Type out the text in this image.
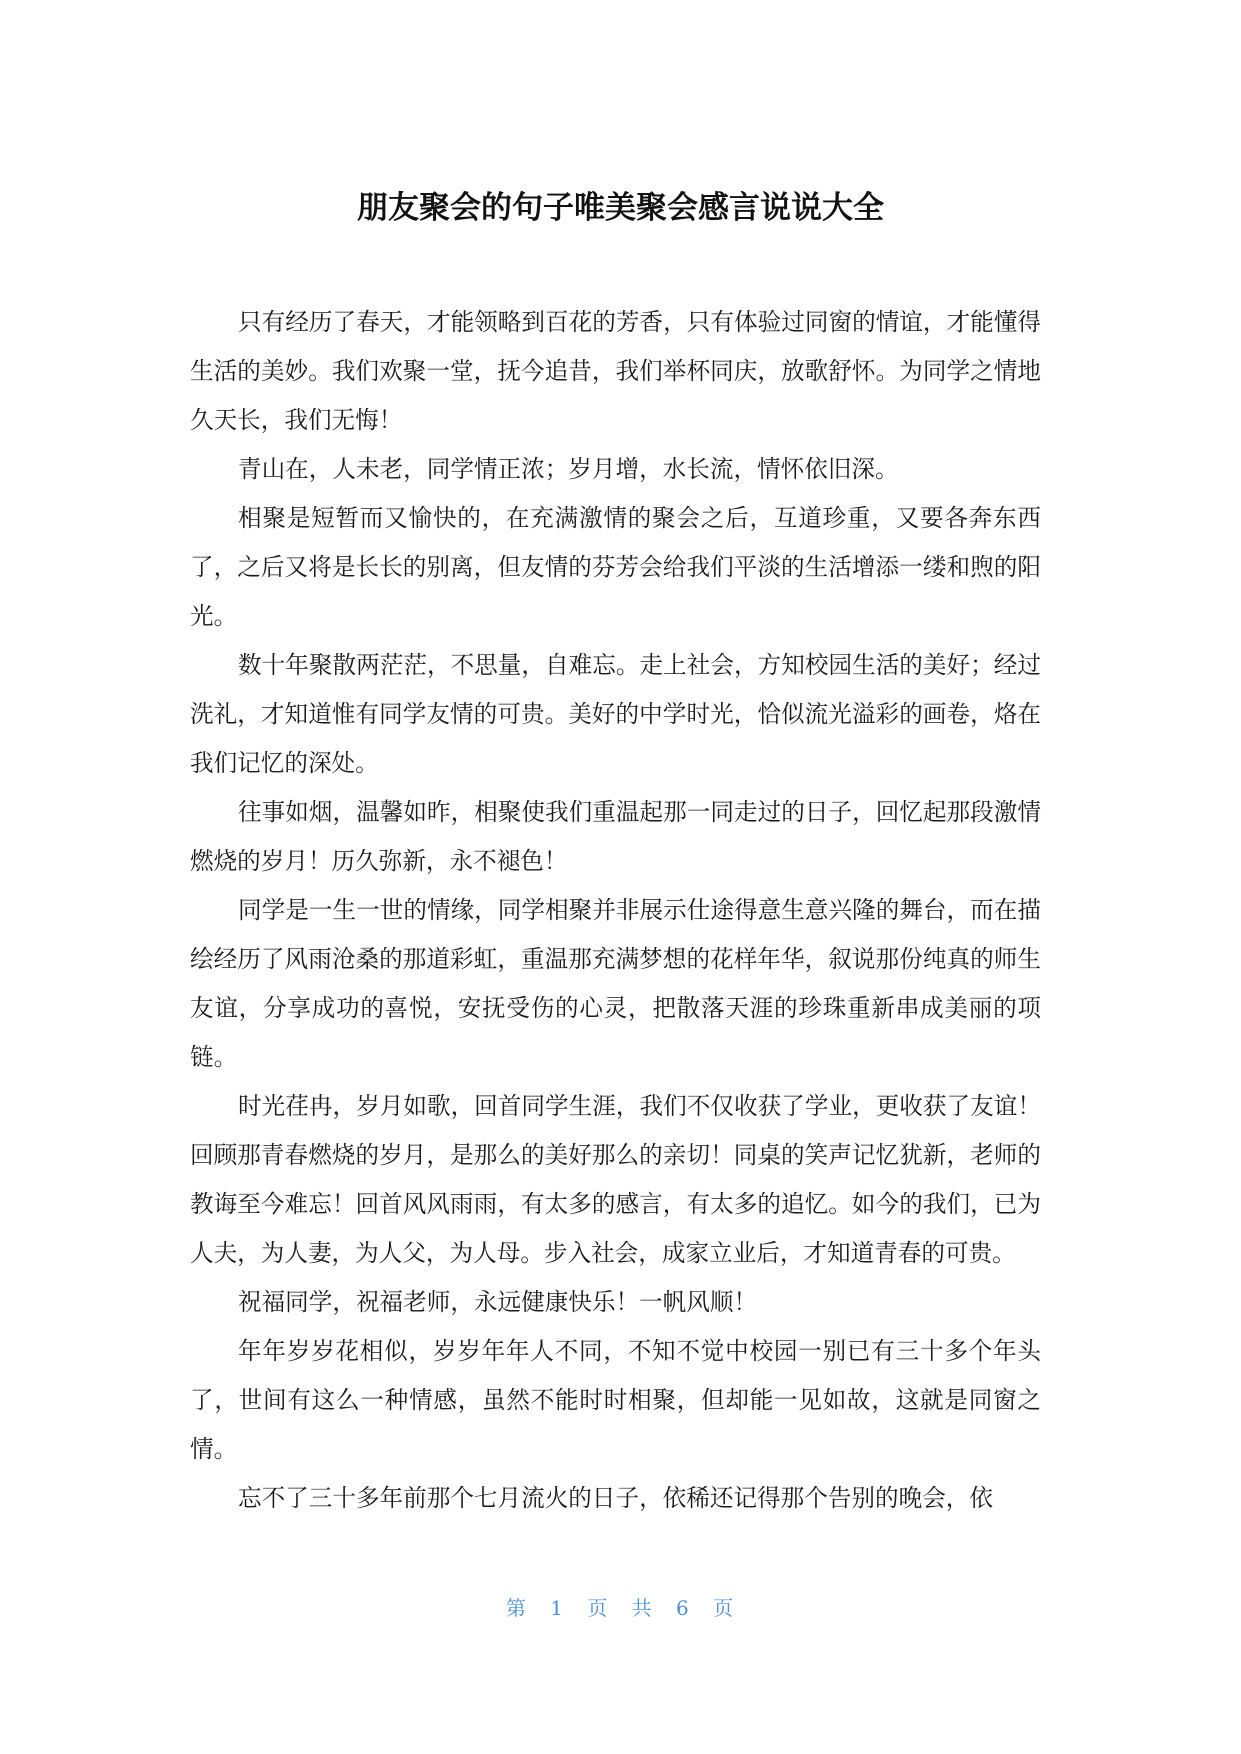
朋友聚会的句子唯美聚会感言说说大全

只有经历了春天，才能领略到百花的芳香，只有体验过同窗的情谊，才能懂得生活的美妙。我们欢聚一堂，抚今追昔，我们举杯同庆，放歌舒怀。为同学之情地久天长，我们无悔！

青山在，人未老，同学情正浓；岁月增，水长流，情怀依旧深。

相聚是短暂而又愉快的，在充满激情的聚会之后，互道珍重，又要各奔东西了，之后又将是长长的别离，但友情的芬芳会给我们平淡的生活增添一缕和煦的阳光。

数十年聚散两茫茫，不思量，自难忘。走上社会，方知校园生活的美好；经过洗礼，才知道惟有同学友情的可贵。美好的中学时光，恰似流光溢彩的画卷，烙在我们记忆的深处。

往事如烟，温馨如昨，相聚使我们重温起那一同走过的日子，回忆起那段激情燃烧的岁月！历久弥新，永不褪色！

同学是一生一世的情缘，同学相聚并非展示仕途得意生意兴隆的舞台，而在描绘经历了风雨沧桑的那道彩虹，重温那充满梦想的花样年华，叙说那份纯真的师生友谊，分享成功的喜悦，安抚受伤的心灵，把散落天涯的珍珠重新串成美丽的项链。

时光荏冉，岁月如歌，回首同学生涯，我们不仅收获了学业，更收获了友谊！回顾那青春燃烧的岁月，是那么的美好那么的亲切！同桌的笑声记忆犹新，老师的教诲至今难忘！回首风风雨雨，有太多的感言，有太多的追忆。如今的我们，已为人夫，为人妻，为人父，为人母。步入社会，成家立业后，才知道青春的可贵。

祝福同学，祝福老师，永远健康快乐！一帆风顺！

年年岁岁花相似，岁岁年年人不同，不知不觉中校园一别已有三十多个年头了，世间有这么一种情感，虽然不能时时相聚，但却能一见如故，这就是同窗之情。

忘不了三十多年前那个七月流火的日子，依稀还记得那个告别的晚会，依

第 1 页 共 6 页
